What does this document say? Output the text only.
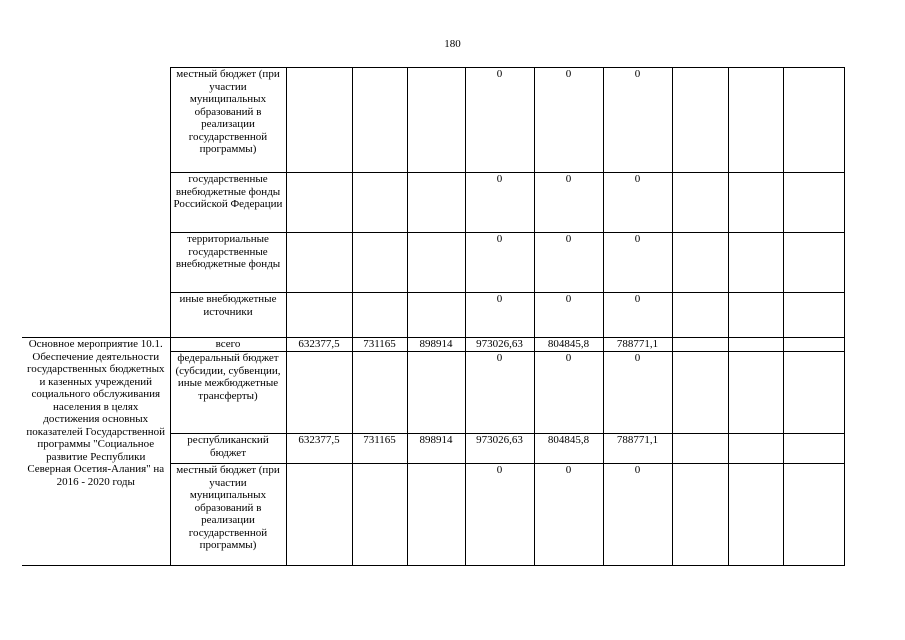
180
	местный бюджет (при участии муниципальных образований в реализации государственной программы)				0	0	0			
	государственные внебюджетные фонды Российской Федерации				0	0	0			
	территориальные государственные внебюджетные фонды				0	0	0			
	иные внебюджетные источники				0	0	0			
Основное мероприятие 10.1. Обеспечение деятельности государственных бюджетных и казенных учреждений социального обслуживания населения в целях достижения основных показателей Государственной программы "Социальное развитие Республики Северная Осетия-Алания" на 2016 - 2020 годы	всего	632377,5	731165	898914	973026,63	804845,8	788771,1			
	федеральный бюджет (субсидии, субвенции, иные межбюджетные трансферты)				0	0	0			
	республиканский бюджет	632377,5	731165	898914	973026,63	804845,8	788771,1			
	местный бюджет (при участии муниципальных образований в реализации государственной программы)				0	0	0			
